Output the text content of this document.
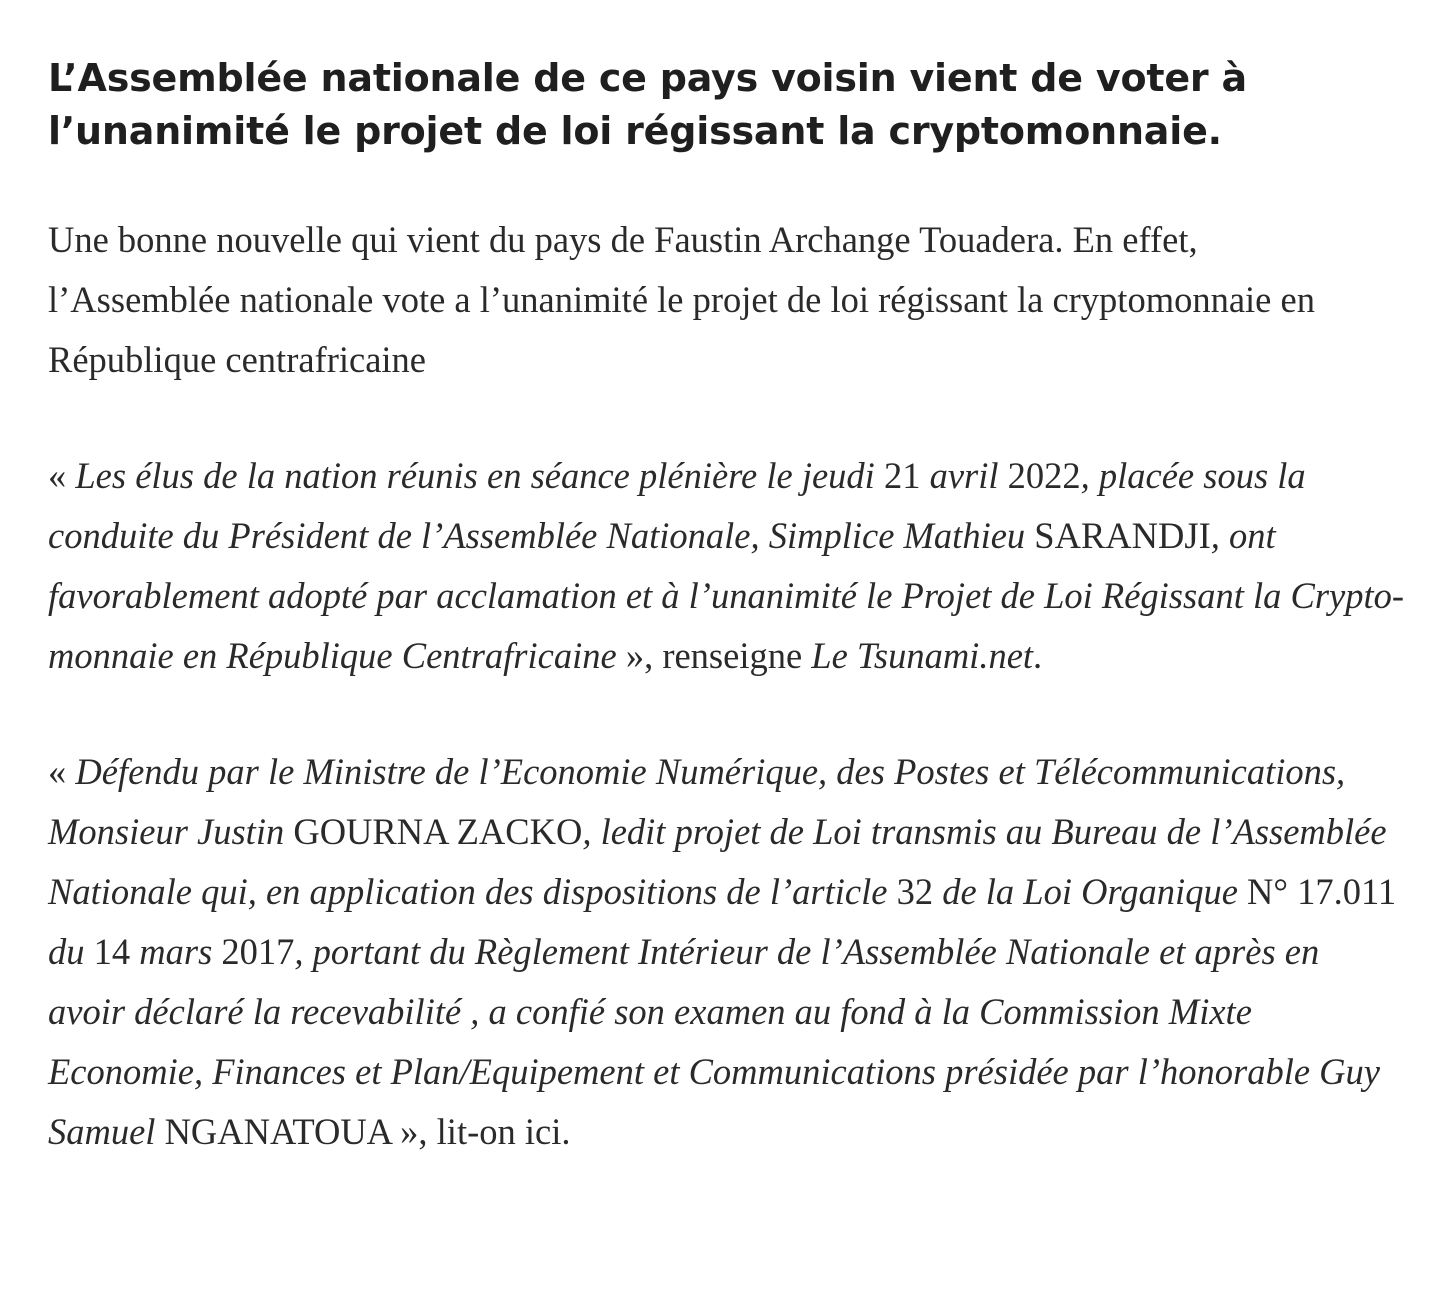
L’Assemblée nationale de ce pays voisin vient de voter à l’unanimité le projet de loi régissant la cryptomonnaie.

Une bonne nouvelle qui vient du pays de Faustin Archange Touadera. En effet, l’Assemblée nationale vote a l’unanimité le projet de loi régissant la cryptomonnaie en République centrafricaine

« Les élus de la nation réunis en séance plénière le jeudi 21 avril 2022, placée sous la conduite du Président de l’Assemblée Nationale, Simplice Mathieu SARANDJI, ont favorablement adopté par acclamation et à l’unanimité le Projet de Loi Régissant la Crypto-monnaie en République Centrafricaine », renseigne Le Tsunami.net.

« Défendu par le Ministre de l’Economie Numérique, des Postes et Télécommunications, Monsieur Justin GOURNA ZACKO, ledit projet de Loi transmis au Bureau de l’Assemblée Nationale qui, en application des dispositions de l’article 32 de la Loi Organique N° 17.011 du 14 mars 2017, portant du Règlement Intérieur de l’Assemblée Nationale et après en avoir déclaré la recevabilité , a confié son examen au fond à la Commission Mixte Economie, Finances et Plan/Equipement et Communications présidée par l’honorable Guy Samuel NGANATOUA », lit-on ici.
